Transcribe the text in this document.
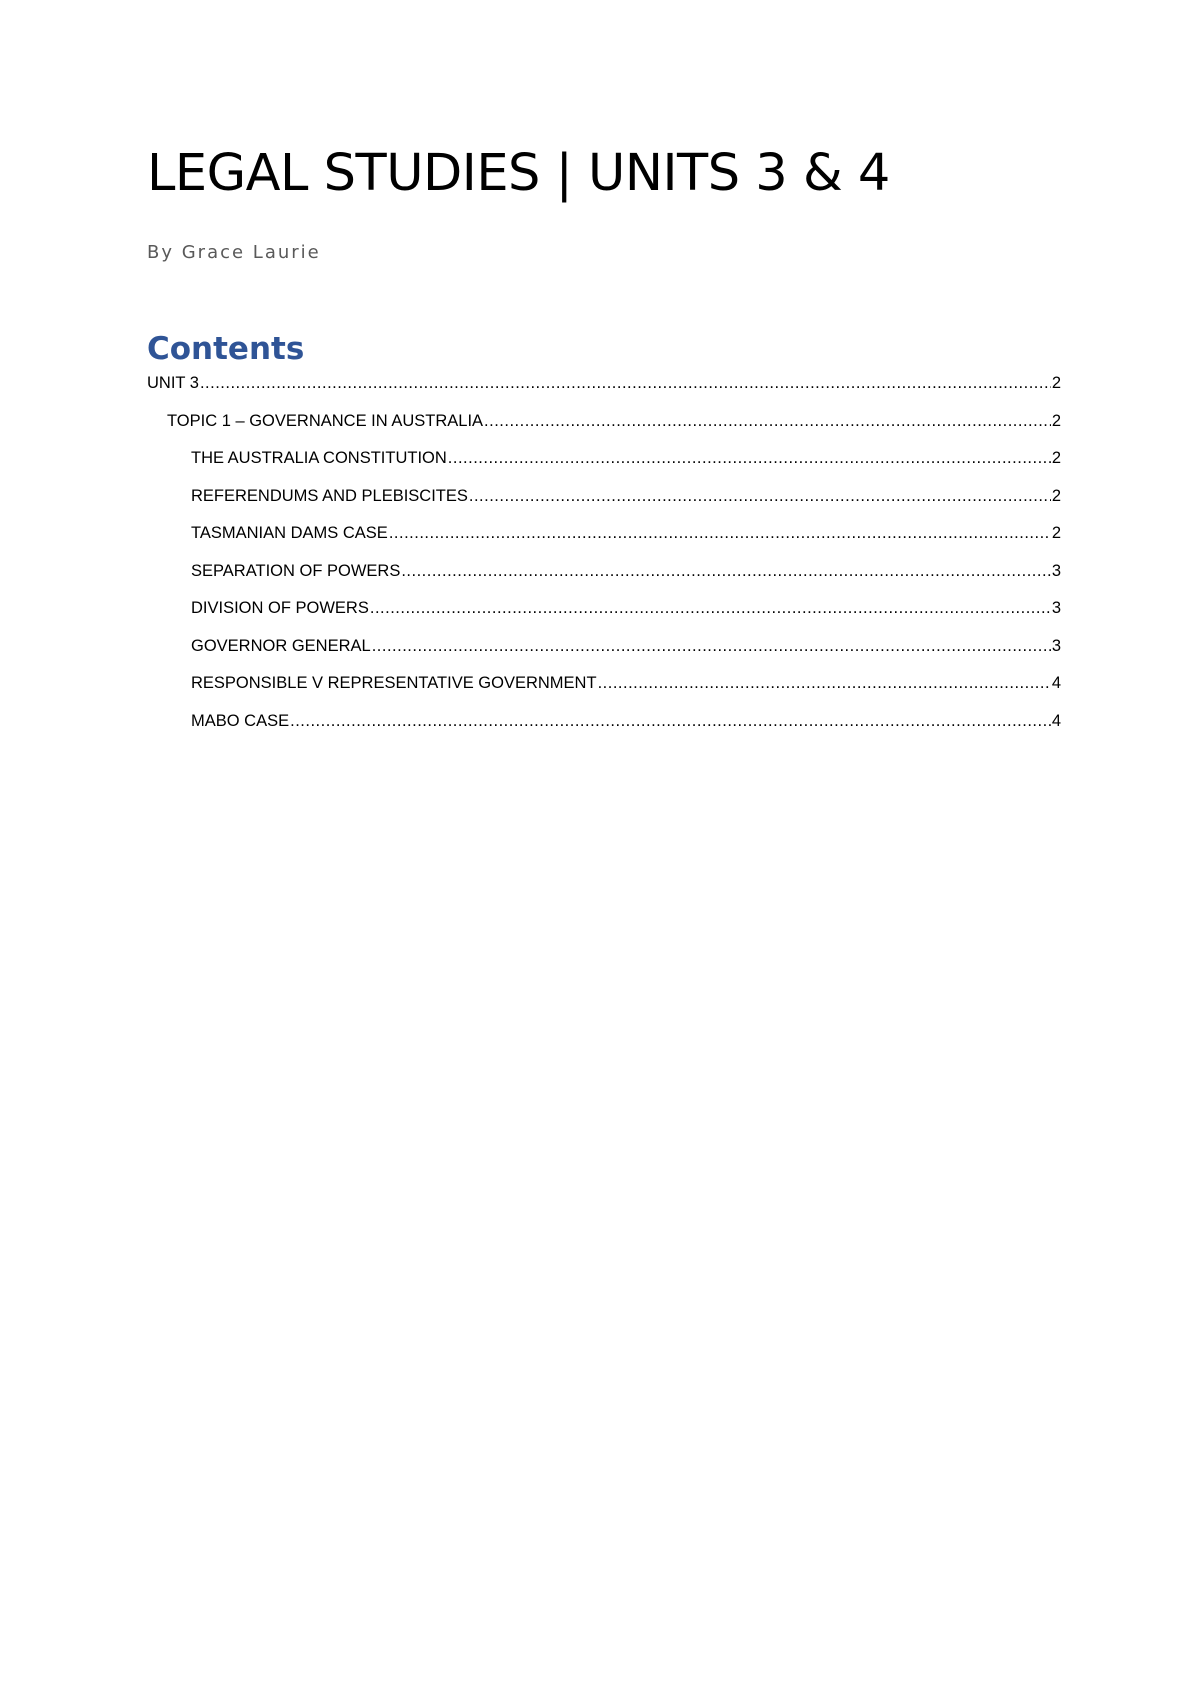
LEGAL STUDIES | UNITS 3 & 4

By Grace Laurie

Contents
UNIT 3 .....	2
TOPIC 1 – GOVERNANCE IN AUSTRALIA .....	2
THE AUSTRALIA CONSTITUTION .....	2
REFERENDUMS AND PLEBISCITES .....	2
TASMANIAN DAMS CASE .....	2
SEPARATION OF POWERS .....	3
DIVISION OF POWERS .....	3
GOVERNOR GENERAL .....	3
RESPONSIBLE V REPRESENTATIVE GOVERNMENT .....	4
MABO CASE .....	4
